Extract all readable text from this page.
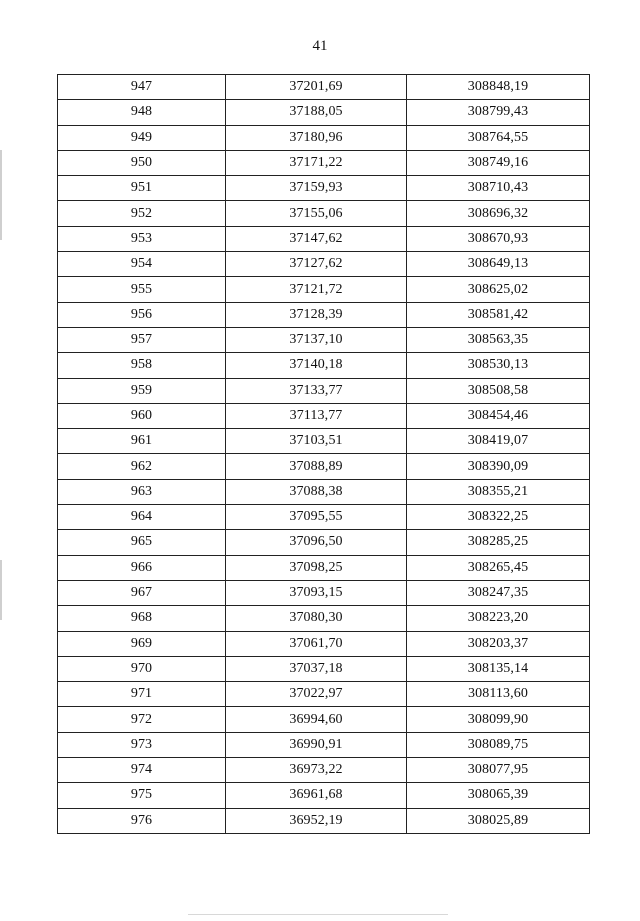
41
947	37201,69	308848,19
948	37188,05	308799,43
949	37180,96	308764,55
950	37171,22	308749,16
951	37159,93	308710,43
952	37155,06	308696,32
953	37147,62	308670,93
954	37127,62	308649,13
955	37121,72	308625,02
956	37128,39	308581,42
957	37137,10	308563,35
958	37140,18	308530,13
959	37133,77	308508,58
960	37113,77	308454,46
961	37103,51	308419,07
962	37088,89	308390,09
963	37088,38	308355,21
964	37095,55	308322,25
965	37096,50	308285,25
966	37098,25	308265,45
967	37093,15	308247,35
968	37080,30	308223,20
969	37061,70	308203,37
970	37037,18	308135,14
971	37022,97	308113,60
972	36994,60	308099,90
973	36990,91	308089,75
974	36973,22	308077,95
975	36961,68	308065,39
976	36952,19	308025,89
